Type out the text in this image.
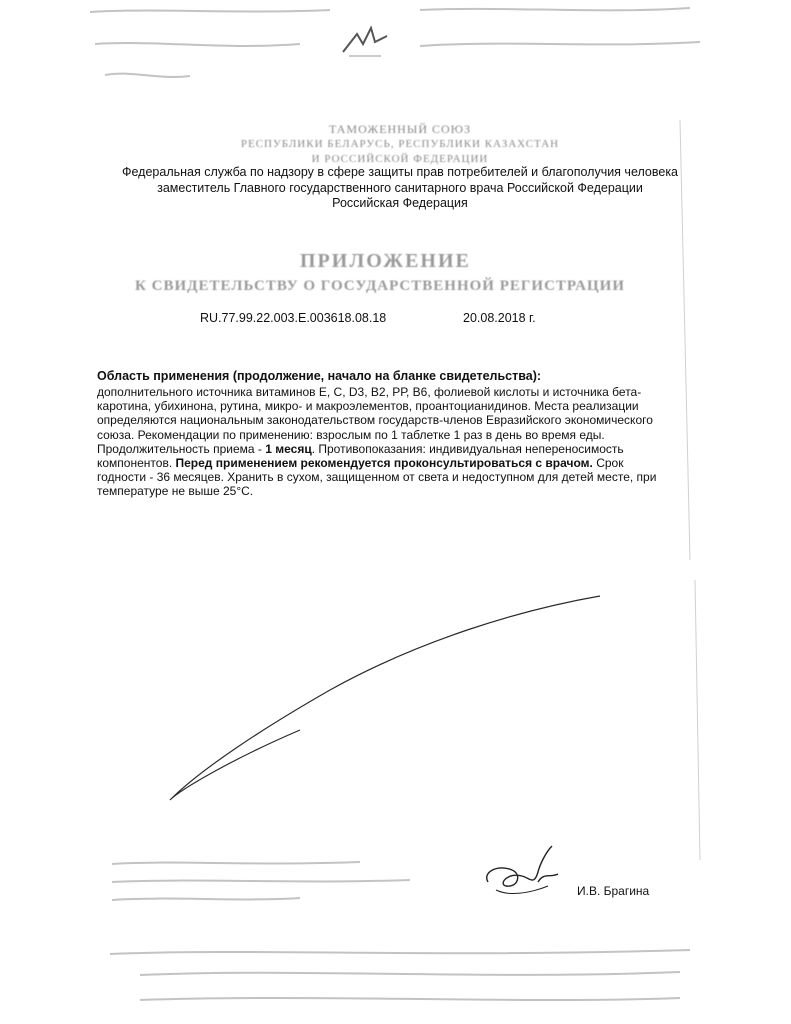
ТАМОЖЕННЫЙ СОЮЗ
РЕСПУБЛИКИ БЕЛАРУСЬ, РЕСПУБЛИКИ КАЗАХСТАН
И РОССИЙСКОЙ ФЕДЕРАЦИИ
Федеральная служба по надзору в сфере защиты прав потребителей и благополучия человека
заместитель Главного государственного санитарного врача Российской Федерации
Российская Федерация
ПРИЛОЖЕНИЕ
К СВИДЕТЕЛЬСТВУ О ГОСУДАРСТВЕННОЙ РЕГИСТРАЦИИ
RU.77.99.22.003.E.003618.08.18	20.08.2018 г.
Область применения (продолжение, начало на бланке свидетельства):
дополнительного источника витаминов Е, С, D3, В2, РР, В6, фолиевой кислоты и источника бета-каротина, убихинона, рутина, микро- и макроэлементов, проантоцианидинов. Места реализации определяются национальным законодательством государств-членов Евразийского экономического союза. Рекомендации по применению: взрослым по 1 таблетке 1 раз в день во время еды. Продолжительность приема - 1 месяц. Противопоказания: индивидуальная непереносимость компонентов. Перед применением рекомендуется проконсультироваться с врачом. Срок годности - 36 месяцев. Хранить в сухом, защищенном от света и недоступном для детей месте, при температуре не выше 25°С.
И.В. Брагина
